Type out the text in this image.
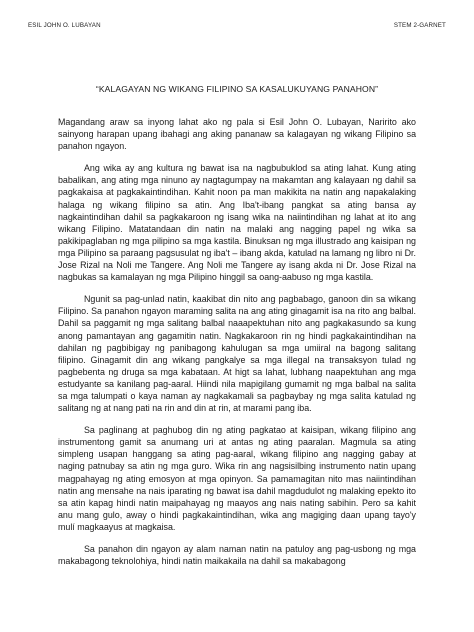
ESIL JOHN O. LUBAYAN	STEM 2-GARNET
“KALAGAYAN NG WIKANG FILIPINO SA KASALUKUYANG PANAHON”

Magandang araw sa inyong lahat ako ng pala si Esil John O. Lubayan, Naririto ako sainyong harapan upang ibahagi ang aking pananaw sa kalagayan ng wikang Filipino sa panahon ngayon.

Ang wika ay ang kultura ng bawat isa na nagbubuklod sa ating lahat. Kung ating babalikan, ang ating mga ninuno ay nagtagumpay na makamtan ang kalayaan ng dahil sa pagkakaisa at pagkakaintindihan. Kahit noon pa man makikita na natin ang napakalaking halaga ng wikang filipino sa atin. Ang Iba't-ibang pangkat sa ating bansa ay nagkaintindihan dahil sa pagkakaroon ng isang wika na naiintindihan ng lahat at ito ang wikang Filipino. Matatandaan din natin na malaki ang nagging papel ng wika sa pakikipaglaban ng mga pilipino sa mga kastila. Binuksan ng mga illustrado ang kaisipan ng mga Pilipino sa paraang pagsusulat ng iba't – ibang akda, katulad na lamang ng libro ni Dr. Jose Rizal na Noli me Tangere. Ang Noli me Tangere ay isang akda ni Dr. Jose Rizal na nagbukas sa kamalayan ng mga Pilipino hinggil sa oang-aabuso ng mga kastila.

Ngunit sa pag-unlad natin, kaakibat din nito ang pagbabago, ganoon din sa wikang Filipino. Sa panahon ngayon maraming salita na ang ating ginagamit isa na rito ang balbal. Dahil sa paggamit ng mga salitang balbal naaapektuhan nito ang pagkakasundo sa kung anong pamantayan ang gagamitin natin. Nagkakaroon rin ng hindi pagkakaintindihan na dahilan ng pagbibigay ng panibagong kahulugan sa mga umiiral na bagong salitang filipino. Ginagamit din ang wikang pangkalye sa mga illegal na transaksyon tulad ng pagbebenta ng druga sa mga kabataan. At higt sa lahat, lubhang naapektuhan ang mga estudyante sa kanilang pag-aaral. Hiindi nila mapigilang gumamit ng mga balbal na salita sa mga talumpati o kaya naman ay nagkakamali sa pagbaybay ng mga salita katulad ng salitang ng at nang pati na rin and din at rin, at marami pang iba.

Sa paglinang at paghubog din ng ating pagkatao at kaisipan, wikang filipino ang instrumentong gamit sa anumang uri at antas ng ating paaralan. Magmula sa ating simpleng usapan hanggang sa ating pag-aaral, wikang filipino ang nagging gabay at naging patnubay sa atin ng mga guro. Wika rin ang nagsisilbing instrumento natin upang magpahayag ng ating emosyon at mga opinyon. Sa pamamagitan nito mas naiintindihan natin ang mensahe na nais iparating ng bawat isa dahil magdudulot ng malaking epekto ito sa atin kapag hindi natin maipahayag ng maayos ang nais nating sabihin. Pero sa kahit anu mang gulo, away o hindi pagkakaintindihan, wika ang magiging daan upang tayo'y mulí magkaayus at magkaisa.

Sa panahon din ngayon ay alam naman natin na patuloy ang pag-usbong ng mga makabagong teknolohiya, hindi natin maikakaila na dahil sa makabagong
